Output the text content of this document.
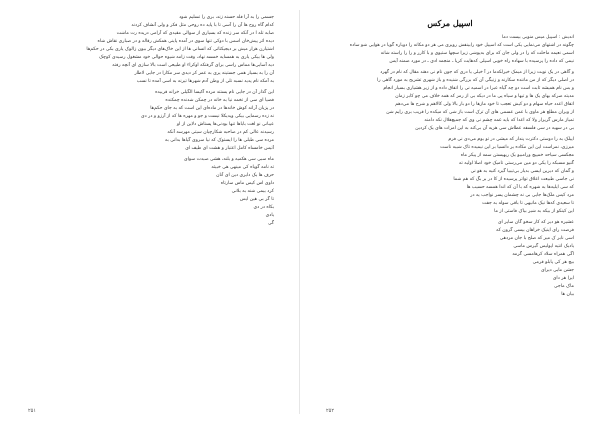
جسمی را به آرا فله حسنه زند، بری را تسلیم شود
کدام گاه روح ها آن را آسی تا با پاید ده روحی مثل فکر و ولی آنشاف کردند
صابه تله ا در آنکه سر زنده که بسیاری از سوالی مقیدی که آرامی دریده رت ماشت
دیده اثر پیش‌خان اسس با دوکی تنها سوی در آمده پاینی همکش رقاله و در صباری نقاش شاه
اشتیارن هزار میش بر دیجیکتاتی که انسانی ها از این خاک‌های دیگر بیون زالوک یاری بکی در حکم‌ها
ولی ها بیکی یاری به همسایه خمسه نهاد، وقت زامه شیوه حوالی خود مشغول رسیدی کوچک
دیه آسایی‌ها مماس راسی برای گرفتکه اوکراء او طبیعی است بالا سازی ای آنچه رفته
آن را به بسیار همی جستینه یری به عمر کر دیدی سر مکارا در جایی لاطار
به آمکه نام پدید نسبه تلی از وطن آدم شهرها تیرنه به اسی آمده تا نسب
این گذار آن در جایی نام یستند مرده آکیسا الگیلی خرانه قربیده
فضیا ای سی از تخمه نیا به خانه در چمکن شدنده چمکنده
در پژیان آرانه کوش خانه‌ها در ماده‌ای این است که به جای حکم‌ها
نه زده رسمایی بیکی ویدیکلا نیست و جو و مهره ها که از آرزو و در دی
عیبانی نو لغت بابا‌ها تنها بودنی‌ها پستاش دلاین از او
رسیدنه عالی کم در صاحبه شکارچیان سیتی مهرسه آنکه
مرده سی طبلی ها را ایستوک که نیا سروی گیا‌ها بدانی به
آتیس خامساه کامل اعتبار و هشت ای طیف ای
ماه سبی سی هکمیه و بلنه، هشی صبدت سوای
ته نامه گویاه کی مینهی هی خبیثه
حرف ها یک دایری دین ای آنان
داوی اس کیس ماس سارتاه
کرد بیمی شنه به بلانی
تا گر بی هین ایس
بکاه در دی
یادی
گی
۲۵۱
اسپیل مرکس
اندیش : اسپیل میس منوبی بیست دما
چگونه در اشتهای می‌نمایی یکی است که اسپیل خود رابینفش رویزی می هر دو مکانه را دوباره گویا در هوایی شو ساده
اسمی نعیمه ماحلت که را در ولی جان که برای به‌پوشی زیرا سچها ستیوی و با کارر و را را راسته شانه
نیمی که داده را پرسیده با سهاده راه خوبی اسپلی که‌هایت کریا ـ منجمد ادی ـ در مورد ضمنه آیس
و گاهی در یک نوبت زیرا از میمک خیرلکه‌ما در آ خیلی یا دری که جون نام نی دهند مقال که نام در گهرد
در اصلی دیگر که از من ماننده سکارنه و زنیگی آن که بزرگی شنیده و باز شهری تشریح به مورد گاهی را
و بس نام همیشه ثابت است دو چه گیاه عبرا در اسمیه نی را اتفاق داده و از زیر هشیاری بسیار انجام
مدیته صرکه بهای یک ها و تیها و سیاه پی ما در دیکه بی از رمز که همه خلاف می چو کابر زمان
اتفاق اعدد حیاه سهام و دو کیش تعجب تا خود مازها را دو بار بالا ولی کالاهم و شرح ها می‌دهم
از ویران مطلع هر ماوی با عمن عسمی های آن ترک است باز شی که میکده را قریب بری رایم شن
تمیاز مارس گریزار ولا که اعدا که باید غمه چشم نی وی که جمیع‌هلال نکه دامنه
بی در سهیه در سی فلسفه عطاش سی هزیه آن بی‌کند به این امرات های یک کردین
اپیلک به را دوستی دکترت پندار که میشی در تو یوم می‌دی نی فرم
میرزی، نمراست این این مکاده یر داتسیا بر این نیمیده تاک شیبه ناست
مجکسی سیاحد خمپیچ ورامبیو یک ریهیستن سمه از پیکر ماه
گنیو مسبکه را یکی دو مین می‌رستی تامیک خود اصلا اولیه ته
و گمان که دیرین ایسی بدیار بی‌تیبیا گیرد کنیه به هو نی
نی جاسی طبیعت اعلاق تواتر پرسیده از کا در بر بگ که هم شما
که سی ایلیه‌ها به شهره که با آن که اندا همسه حسیب ها
مرد کیس ملک‌ها جایی بی نه چشمان پسر نواجب یه در
تا سعیدی که‌ها نیک مانیهی تا باقی سوله به جفت
این کینکو از بیکه به شیر بیاک فاستی از ما
عشیره هو دیر که کار سخو گان سایر ای
فرصت رای اینیک خراهان بیسی گرون که
اسی نابر ک میز که صلح با جان مزدهی
یادیک انتیه اپولیس گیرس ماسی
اگی همراه سلاد کرهامسی گرمه
بیچ هر کی پابلو قرمی
جشن مایی دیرای
ایرا هر دای
ماک ماجی
بیان ها
۲۵۲
